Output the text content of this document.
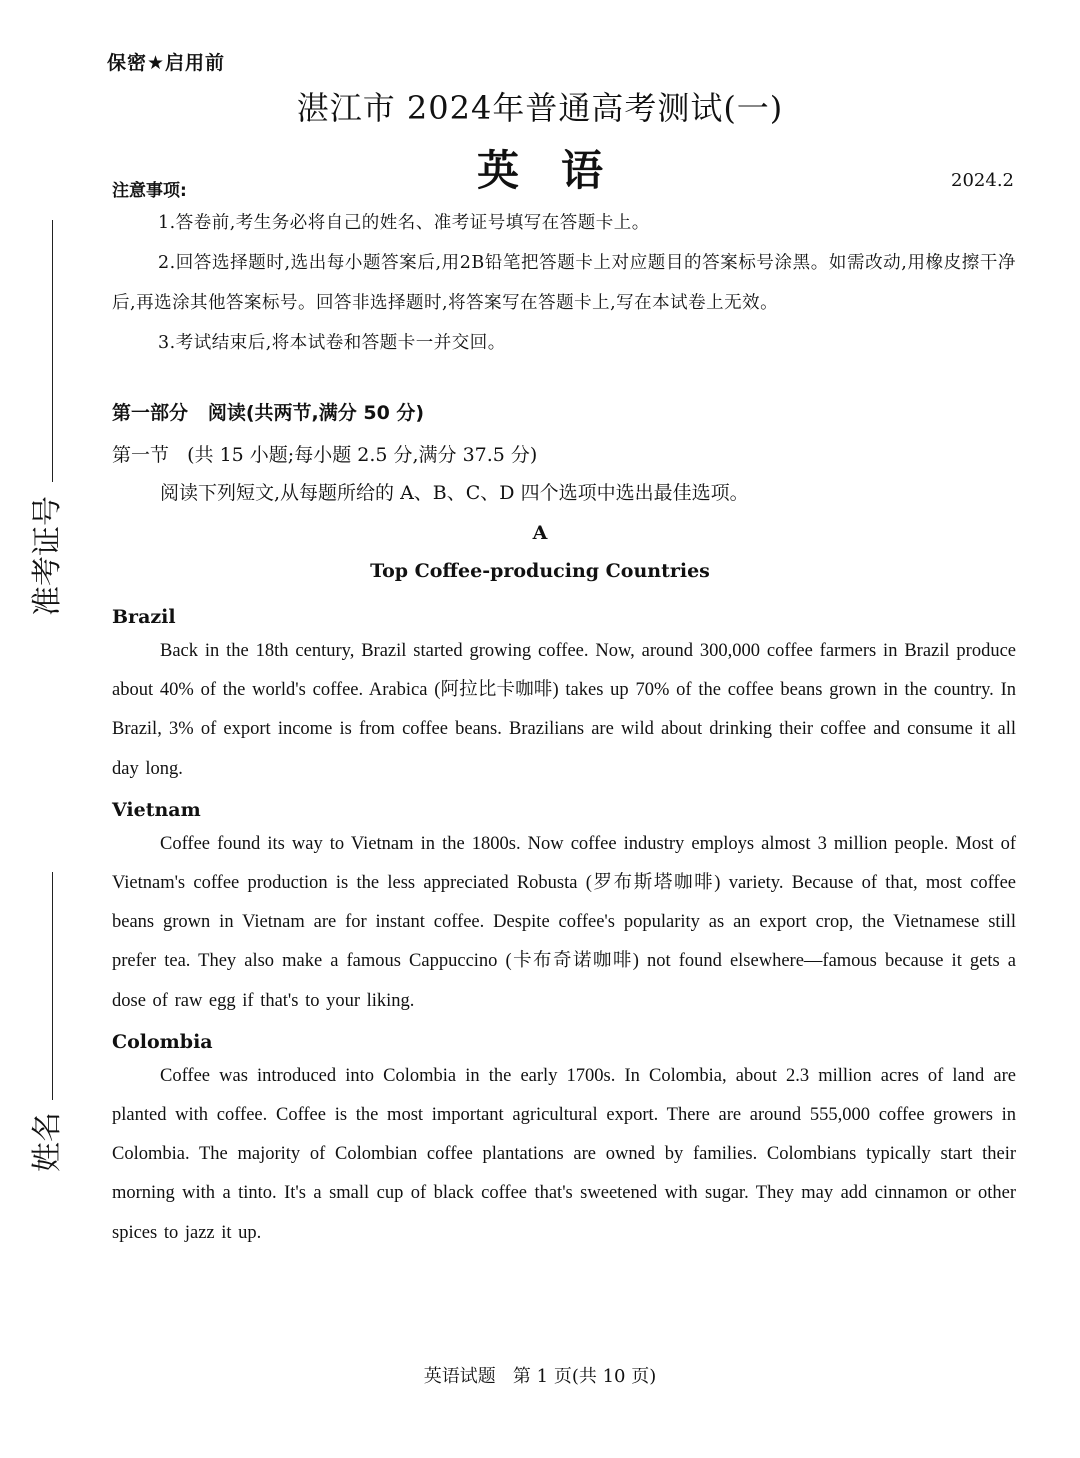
准考证号
姓名
保密★启用前
湛江市 2024年普通高考测试(一)
英语
注意事项:	2024.2
1.答卷前,考生务必将自己的姓名、准考证号填写在答题卡上。
2.回答选择题时,选出每小题答案后,用2B铅笔把答题卡上对应题目的答案标号涂黑。如需改动,用橡皮擦干净后,再选涂其他答案标号。回答非选择题时,将答案写在答题卡上,写在本试卷上无效。
3.考试结束后,将本试卷和答题卡一并交回。
第一部分   阅读(共两节,满分 50 分)
第一节   (共 15 小题;每小题 2.5 分,满分 37.5 分)
阅读下列短文,从每题所给的 A、B、C、D 四个选项中选出最佳选项。
A
Top Coffee-producing Countries
Brazil
Back in the 18th century, Brazil started growing coffee. Now, around 300,000 coffee farmers in Brazil produce about 40% of the world's coffee. Arabica (阿拉比卡咖啡) takes up 70% of the coffee beans grown in the country. In Brazil, 3% of export income is from coffee beans. Brazilians are wild about drinking their coffee and consume it all day long.
Vietnam
Coffee found its way to Vietnam in the 1800s. Now coffee industry employs almost 3 million people. Most of Vietnam's coffee production is the less appreciated Robusta (罗布斯塔咖啡) variety. Because of that, most coffee beans grown in Vietnam are for instant coffee. Despite coffee's popularity as an export crop, the Vietnamese still prefer tea. They also make a famous Cappuccino (卡布奇诺咖啡) not found elsewhere—famous because it gets a dose of raw egg if that's to your liking.
Colombia
Coffee was introduced into Colombia in the early 1700s. In Colombia, about 2.3 million acres of land are planted with coffee. Coffee is the most important agricultural export. There are around 555,000 coffee growers in Colombia. The majority of Colombian coffee plantations are owned by families. Colombians typically start their morning with a tinto. It's a small cup of black coffee that's sweetened with sugar. They may add cinnamon or other spices to jazz it up.
英语试题   第 1 页(共 10 页)
